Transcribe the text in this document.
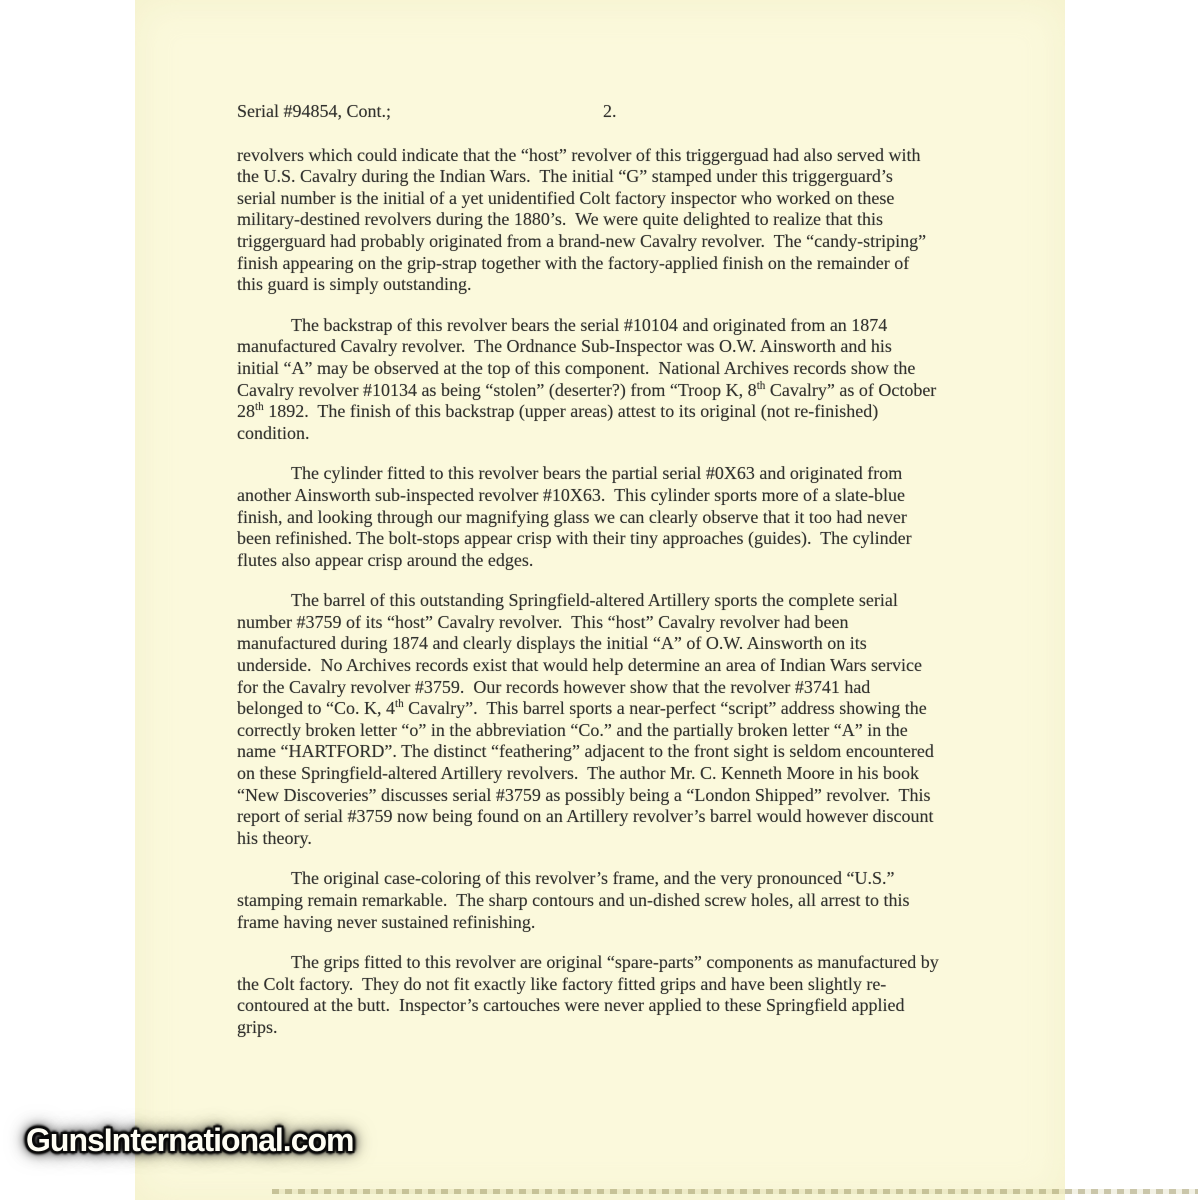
Serial #94854, Cont.;	2.
revolvers which could indicate that the “host” revolver of this triggerguad had also served with
the U.S. Cavalry during the Indian Wars.  The initial “G” stamped under this triggerguard’s
serial number is the initial of a yet unidentified Colt factory inspector who worked on these
military-destined revolvers during the 1880’s.  We were quite delighted to realize that this
triggerguard had probably originated from a brand-new Cavalry revolver.  The “candy-striping”
finish appearing on the grip-strap together with the factory-applied finish on the remainder of
this guard is simply outstanding.
   The backstrap of this revolver bears the serial #10104 and originated from an 1874
manufactured Cavalry revolver.  The Ordnance Sub-Inspector was O.W. Ainsworth and his
initial “A” may be observed at the top of this component.  National Archives records show the
Cavalry revolver #10134 as being “stolen” (deserter?) from “Troop K, 8th Cavalry” as of October
28th 1892.  The finish of this backstrap (upper areas) attest to its original (not re-finished)
condition.
   The cylinder fitted to this revolver bears the partial serial #0X63 and originated from
another Ainsworth sub-inspected revolver #10X63.  This cylinder sports more of a slate-blue
finish, and looking through our magnifying glass we can clearly observe that it too had never
been refinished. The bolt-stops appear crisp with their tiny approaches (guides).  The cylinder
flutes also appear crisp around the edges.
   The barrel of this outstanding Springfield-altered Artillery sports the complete serial
number #3759 of its “host” Cavalry revolver.  This “host” Cavalry revolver had been
manufactured during 1874 and clearly displays the initial “A” of O.W. Ainsworth on its
underside.  No Archives records exist that would help determine an area of Indian Wars service
for the Cavalry revolver #3759.  Our records however show that the revolver #3741 had
belonged to “Co. K, 4th Cavalry”.  This barrel sports a near-perfect “script” address showing the
correctly broken letter “o” in the abbreviation “Co.” and the partially broken letter “A” in the
name “HARTFORD”. The distinct “feathering” adjacent to the front sight is seldom encountered
on these Springfield-altered Artillery revolvers.  The author Mr. C. Kenneth Moore in his book
“New Discoveries” discusses serial #3759 as possibly being a “London Shipped” revolver.  This
report of serial #3759 now being found on an Artillery revolver’s barrel would however discount
his theory.
   The original case-coloring of this revolver’s frame, and the very pronounced “U.S.”
stamping remain remarkable.  The sharp contours and un-dished screw holes, all arrest to this
frame having never sustained refinishing.
   The grips fitted to this revolver are original “spare-parts” components as manufactured by
the Colt factory.  They do not fit exactly like factory fitted grips and have been slightly re-
contoured at the butt.  Inspector’s cartouches were never applied to these Springfield applied
grips.
GunsInternational.com
